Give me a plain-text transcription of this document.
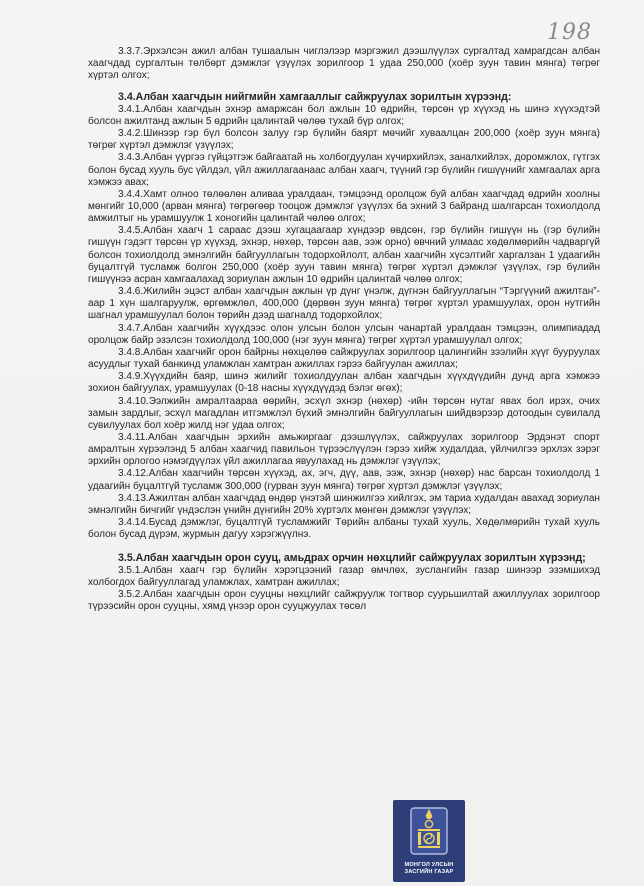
198

3.3.7.Эрхэлсэн ажил албан тушаалын чиглэлээр мэргэжил дээшлүүлэх сургалтад хамрагдсан албан хаагчдад сургалтын төлбөрт дэмжлэг үзүүлэх зорилгоор 1 удаа 250,000 (хоёр зуун тавин мянга) төгрөг хүртэл олгох;

3.4.Албан хаагчдын нийгмийн хамгааллыг сайжруулах зорилтын хүрээнд:

3.4.1.Албан хаагчдын эхнэр амаржсан бол ажлын 10 өдрийн, төрсөн үр хүүхэд нь шинэ хүүхэдтэй болсон ажилтанд ажлын 5 өдрийн цалинтай чөлөө тухай бүр олгох;

3.4.2.Шинээр гэр бүл болсон залуу гэр бүлийн баярт мөчийг хуваалцан 200,000 (хоёр зуун мянга) төгрөг хүртэл дэмжлэг үзүүлэх;

3.4.3.Албан үүргээ гүйцэтгэж байгаатай нь холбогдуулан хүчирхийлэх, заналхийлэх, доромжлох, гүтгэх болон бусад хууль бус үйлдэл, үйл ажиллагаанаас албан хаагч, түүний гэр бүлийн гишүүнийг хамгаалах арга хэмжээ авах;

3.4.4.Хамт олноо төлөөлөн аливаа уралдаан, тэмцээнд оролцож буй албан хаагчдад өдрийн хоолны мөнгийг 10,000 (арван мянга) төгрөгөөр тооцож дэмжлэг үзүүлэх ба эхний 3 байранд шалгарсан тохиолдолд амжилтыг нь урамшуулж 1 хоногийн цалинтай чөлөө олгох;

3.4.5.Албан хаагч 1 сараас дээш хугацаагаар хүндээр өвдсөн, гэр бүлийн гишүүн нь (гэр бүлийн гишүүн гэдэгт төрсөн үр хүүхэд, эхнэр, нөхөр, төрсөн аав, ээж орно) өвчний улмаас хөдөлмөрийн чадваргүй болсон тохиолдолд эмнэлгийн байгууллагын тодорхойлолт, албан хаагчийн хүсэлтийг харгалзан 1 удаагийн буцалтгүй тусламж болгон 250,000 (хоёр зуун тавин мянга) төгрөг хүртэл дэмжлэг үзүүлэх, гэр бүлийн гишүүнээ асран хамгаалахад зориулан ажлын 10 өдрийн цалинтай чөлөө олгох;

3.4.6.Жилийн эцэст албан хаагчдын ажлын үр дүнг үнэлж, дүгнэн байгууллагын “Тэргүүний ажилтан”-аар 1 хүн шалгаруулж, өргөмжлөл, 400,000 (дөрвөн зуун мянга) төгрөг хүртэл урамшуулах, орон нутгийн шагнал урамшуулал болон төрийн дээд шагналд тодорхойлох;

3.4.7.Албан хаагчийн хүүхдээс олон улсын болон улсын чанартай уралдаан тэмцээн, олимпиадад оролцож байр эзэлсэн тохиолдолд 100,000 (нэг зуун мянга) төгрөг хүртэл урамшуулал олгох;

3.4.8.Албан хаагчийг орон байрны нөхцөлөө сайжруулах зорилгоор цалингийн зээлийн хүүг бууруулах асуудлыг тухай банкинд уламжлан хамтран ажиллах гэрээ байгуулан ажиллах;

3.4.9.Хүүхдийн баяр, шинэ жилийг тохиолдуулан албан хаагчдын хүүхдүүдийн дунд арга хэмжээ зохион байгуулах, урамшуулах (0-18 насны хүүхдүүдэд бэлэг өгөх);

3.4.10.Ээлжийн амралтаараа өөрийн, эсхүл эхнэр (нөхөр) -ийн төрсөн нутаг явах бол ирэх, очих замын зардлыг, эсхүл магадлан итгэмжлэл бүхий эмнэлгийн байгууллагын шийдвэрээр дотоодын сувилалд сувилуулах бол хоёр жилд нэг удаа олгох;

3.4.11.Албан хаагчдын эрхийн амьжиргааг дээшлүүлэх, сайжруулах зорилгоор Эрдэнэт спорт амралтын хүрээлэнд 5 албан хаагчид павильон түрээслүүлэн гэрээ хийж худалдаа, үйлчилгээ эрхлэх зэрэг эрхийн орлогоо нэмэгдүүлэх үйл ажиллагаа явуулахад нь дэмжлэг үзүүлэх;

3.4.12.Албан хаагчийн төрсөн хүүхэд, ах, эгч, дүү, аав, ээж, эхнэр (нөхөр) нас барсан тохиолдолд 1 удаагийн буцалтгүй тусламж 300,000 (гурван зуун мянга) төгрөг хүртэл дэмжлэг үзүүлэх;

3.4.13.Ажилтан албан хаагчдад өндөр үнэтэй шинжилгээ хийлгэх, эм тариа худалдан авахад зориулан эмнэлгийн бичгийг үндэслэн үнийн дүнгийн 20% хүртэлх мөнгөн дэмжлэг үзүүлэх;

3.4.14.Бусад дэмжлэг, буцалтгүй тусламжийг Төрийн албаны тухай хууль, Хөдөлмөрийн тухай хууль болон бусад дүрэм, журмын дагуу хэрэгжүүлнэ.

3.5.Албан хаагчдын орон сууц, амьдрах орчин нөхцлийг сайжруулах зорилтын хүрээнд;

3.5.1.Албан хаагч гэр бүлийн хэрэгцээний газар өмчлөх, зуслангийн газар шинээр эзэмшихэд холбогдох байгууллагад уламжлах, хамтран ажиллах;

3.5.2.Албан хаагчдын орон сууцны нөхцлийг сайжруулж тогтвор суурьшилтай ажиллуулах зорилгоор түрээсийн орон сууцны, хямд үнээр орон сууцжуулах төсөл

МОНГОЛ УЛСЫН
ЗАСГИЙН ГАЗАР
